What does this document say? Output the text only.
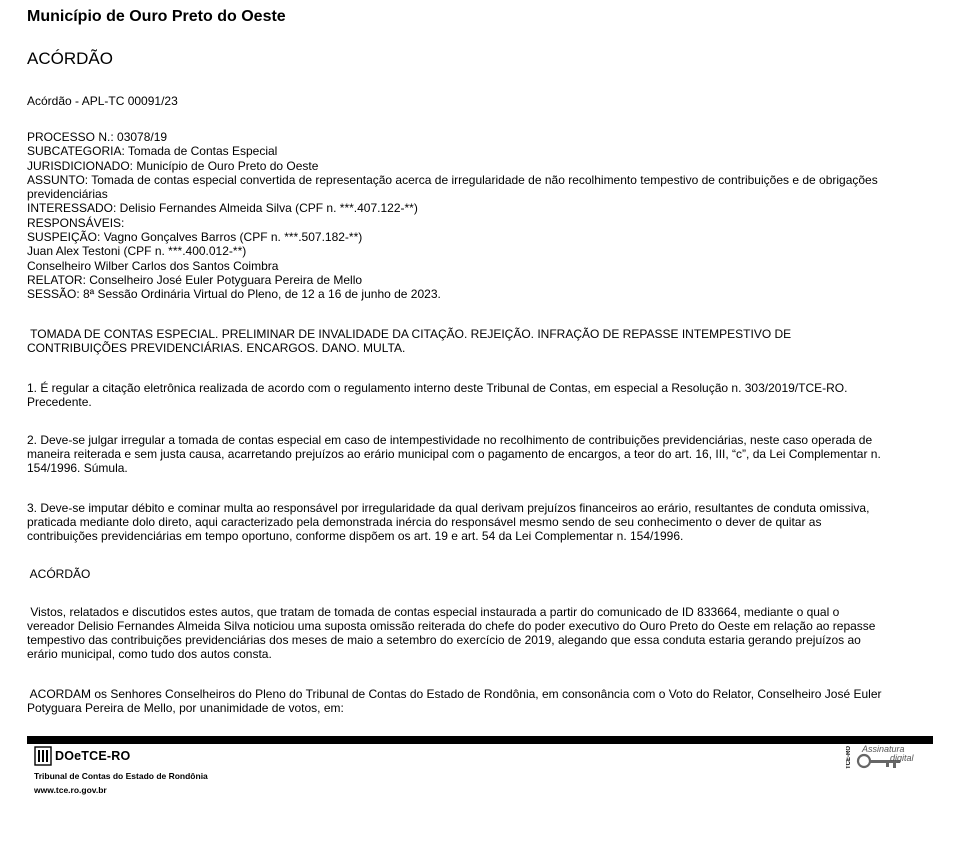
Município de Ouro Preto do Oeste
ACÓRDÃO
Acórdão - APL-TC 00091/23
PROCESSO N.: 03078/19
SUBCATEGORIA: Tomada de Contas Especial
JURISDICIONADO: Município de Ouro Preto do Oeste
ASSUNTO: Tomada de contas especial convertida de representação acerca de irregularidade de não recolhimento tempestivo de contribuições e de obrigações
previdenciárias
INTERESSADO: Delisio Fernandes Almeida Silva (CPF n. ***.407.122-**)
RESPONSÁVEIS:
SUSPEIÇÃO: Vagno Gonçalves Barros (CPF n. ***.507.182-**)
Juan Alex Testoni (CPF n. ***.400.012-**)
Conselheiro Wilber Carlos dos Santos Coimbra
RELATOR: Conselheiro José Euler Potyguara Pereira de Mello
SESSÃO: 8ª Sessão Ordinária Virtual do Pleno, de 12 a 16 de junho de 2023.
TOMADA DE CONTAS ESPECIAL. PRELIMINAR DE INVALIDADE DA CITAÇÃO. REJEIÇÃO. INFRAÇÃO DE REPASSE INTEMPESTIVO DE
CONTRIBUIÇÕES PREVIDENCIÁRIAS. ENCARGOS. DANO. MULTA.
1. É regular a citação eletrônica realizada de acordo com o regulamento interno deste Tribunal de Contas, em especial a Resolução n. 303/2019/TCE-RO.
Precedente.
2. Deve-se julgar irregular a tomada de contas especial em caso de intempestividade no recolhimento de contribuições previdenciárias, neste caso operada de
maneira reiterada e sem justa causa, acarretando prejuízos ao erário municipal com o pagamento de encargos, a teor do art. 16, III, “c”, da Lei Complementar n.
154/1996. Súmula.
3. Deve-se imputar débito e cominar multa ao responsável por irregularidade da qual derivam prejuízos financeiros ao erário, resultantes de conduta omissiva,
praticada mediante dolo direto, aqui caracterizado pela demonstrada inércia do responsável mesmo sendo de seu conhecimento o dever de quitar as
contribuições previdenciárias em tempo oportuno, conforme dispõem os art. 19 e art. 54 da Lei Complementar n. 154/1996.
ACÓRDÃO
Vistos, relatados e discutidos estes autos, que tratam de tomada de contas especial instaurada a partir do comunicado de ID 833664, mediante o qual o
vereador Delisio Fernandes Almeida Silva noticiou uma suposta omissão reiterada do chefe do poder executivo do Ouro Preto do Oeste em relação ao repasse
tempestivo das contribuições previdenciárias dos meses de maio a setembro do exercício de 2019, alegando que essa conduta estaria gerando prejuízos ao
erário municipal, como tudo dos autos consta.
ACORDAM os Senhores Conselheiros do Pleno do Tribunal de Contas do Estado de Rondônia, em consonância com o Voto do Relator, Conselheiro José Euler
Potyguara Pereira de Mello, por unanimidade de votos, em:
DOeTCE-RO
Tribunal de Contas do Estado de Rondônia
www.tce.ro.gov.br
TCE-RO Assinatura
digital
